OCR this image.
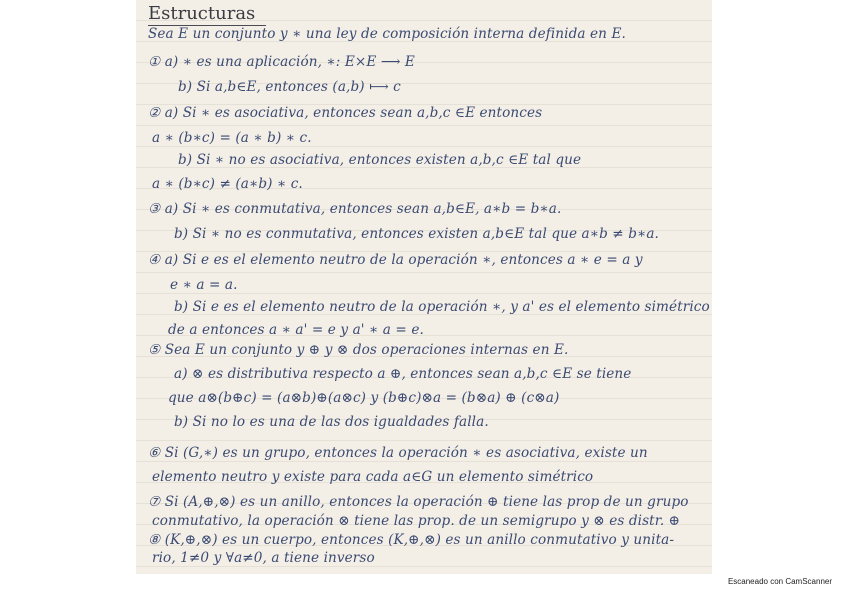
Estructuras
Sea E un conjunto y ∗ una ley de composición interna definida en E.
① a) ∗ es una aplicación, ∗: E×E ⟶ E
b) Si a,b∈E, entonces (a,b) ⟼ c
② a) Si ∗ es asociativa, entonces sean a,b,c ∈E entonces
a ∗ (b∗c) = (a ∗ b) ∗ c.
b) Si ∗ no es asociativa, entonces existen a,b,c ∈E tal que
a ∗ (b∗c) ≠ (a∗b) ∗ c.
③ a) Si ∗ es conmutativa, entonces sean a,b∈E, a∗b = b∗a.
b) Si ∗ no es conmutativa, entonces existen a,b∈E tal que a∗b ≠ b∗a.
④ a) Si e es el elemento neutro de la operación ∗, entonces a ∗ e = a y
e ∗ a = a.
b) Si e es el elemento neutro de la operación ∗, y a' es el elemento simétrico
de a entonces a ∗ a' = e y a' ∗ a = e.
⑤ Sea E un conjunto y ⊕ y ⊗ dos operaciones internas en E.
a) ⊗ es distributiva respecto a ⊕, entonces sean a,b,c ∈E se tiene
que a⊗(b⊕c) = (a⊗b)⊕(a⊗c) y (b⊕c)⊗a = (b⊗a) ⊕ (c⊗a)
b) Si no lo es una de las dos igualdades falla.
⑥ Si (G,∗) es un grupo, entonces la operación ∗ es asociativa, existe un
elemento neutro y existe para cada a∈G un elemento simétrico
⑦ Si (A,⊕,⊗) es un anillo, entonces la operación ⊕ tiene las prop de un grupo
conmutativo, la operación ⊗ tiene las prop. de un semigrupo y ⊗ es distr. ⊕
⑧ (K,⊕,⊗) es un cuerpo, entonces (K,⊕,⊗) es un anillo conmutativo y unita-
rio, 1≠0 y ∀a≠0, a tiene inverso
Escaneado con CamScanner
